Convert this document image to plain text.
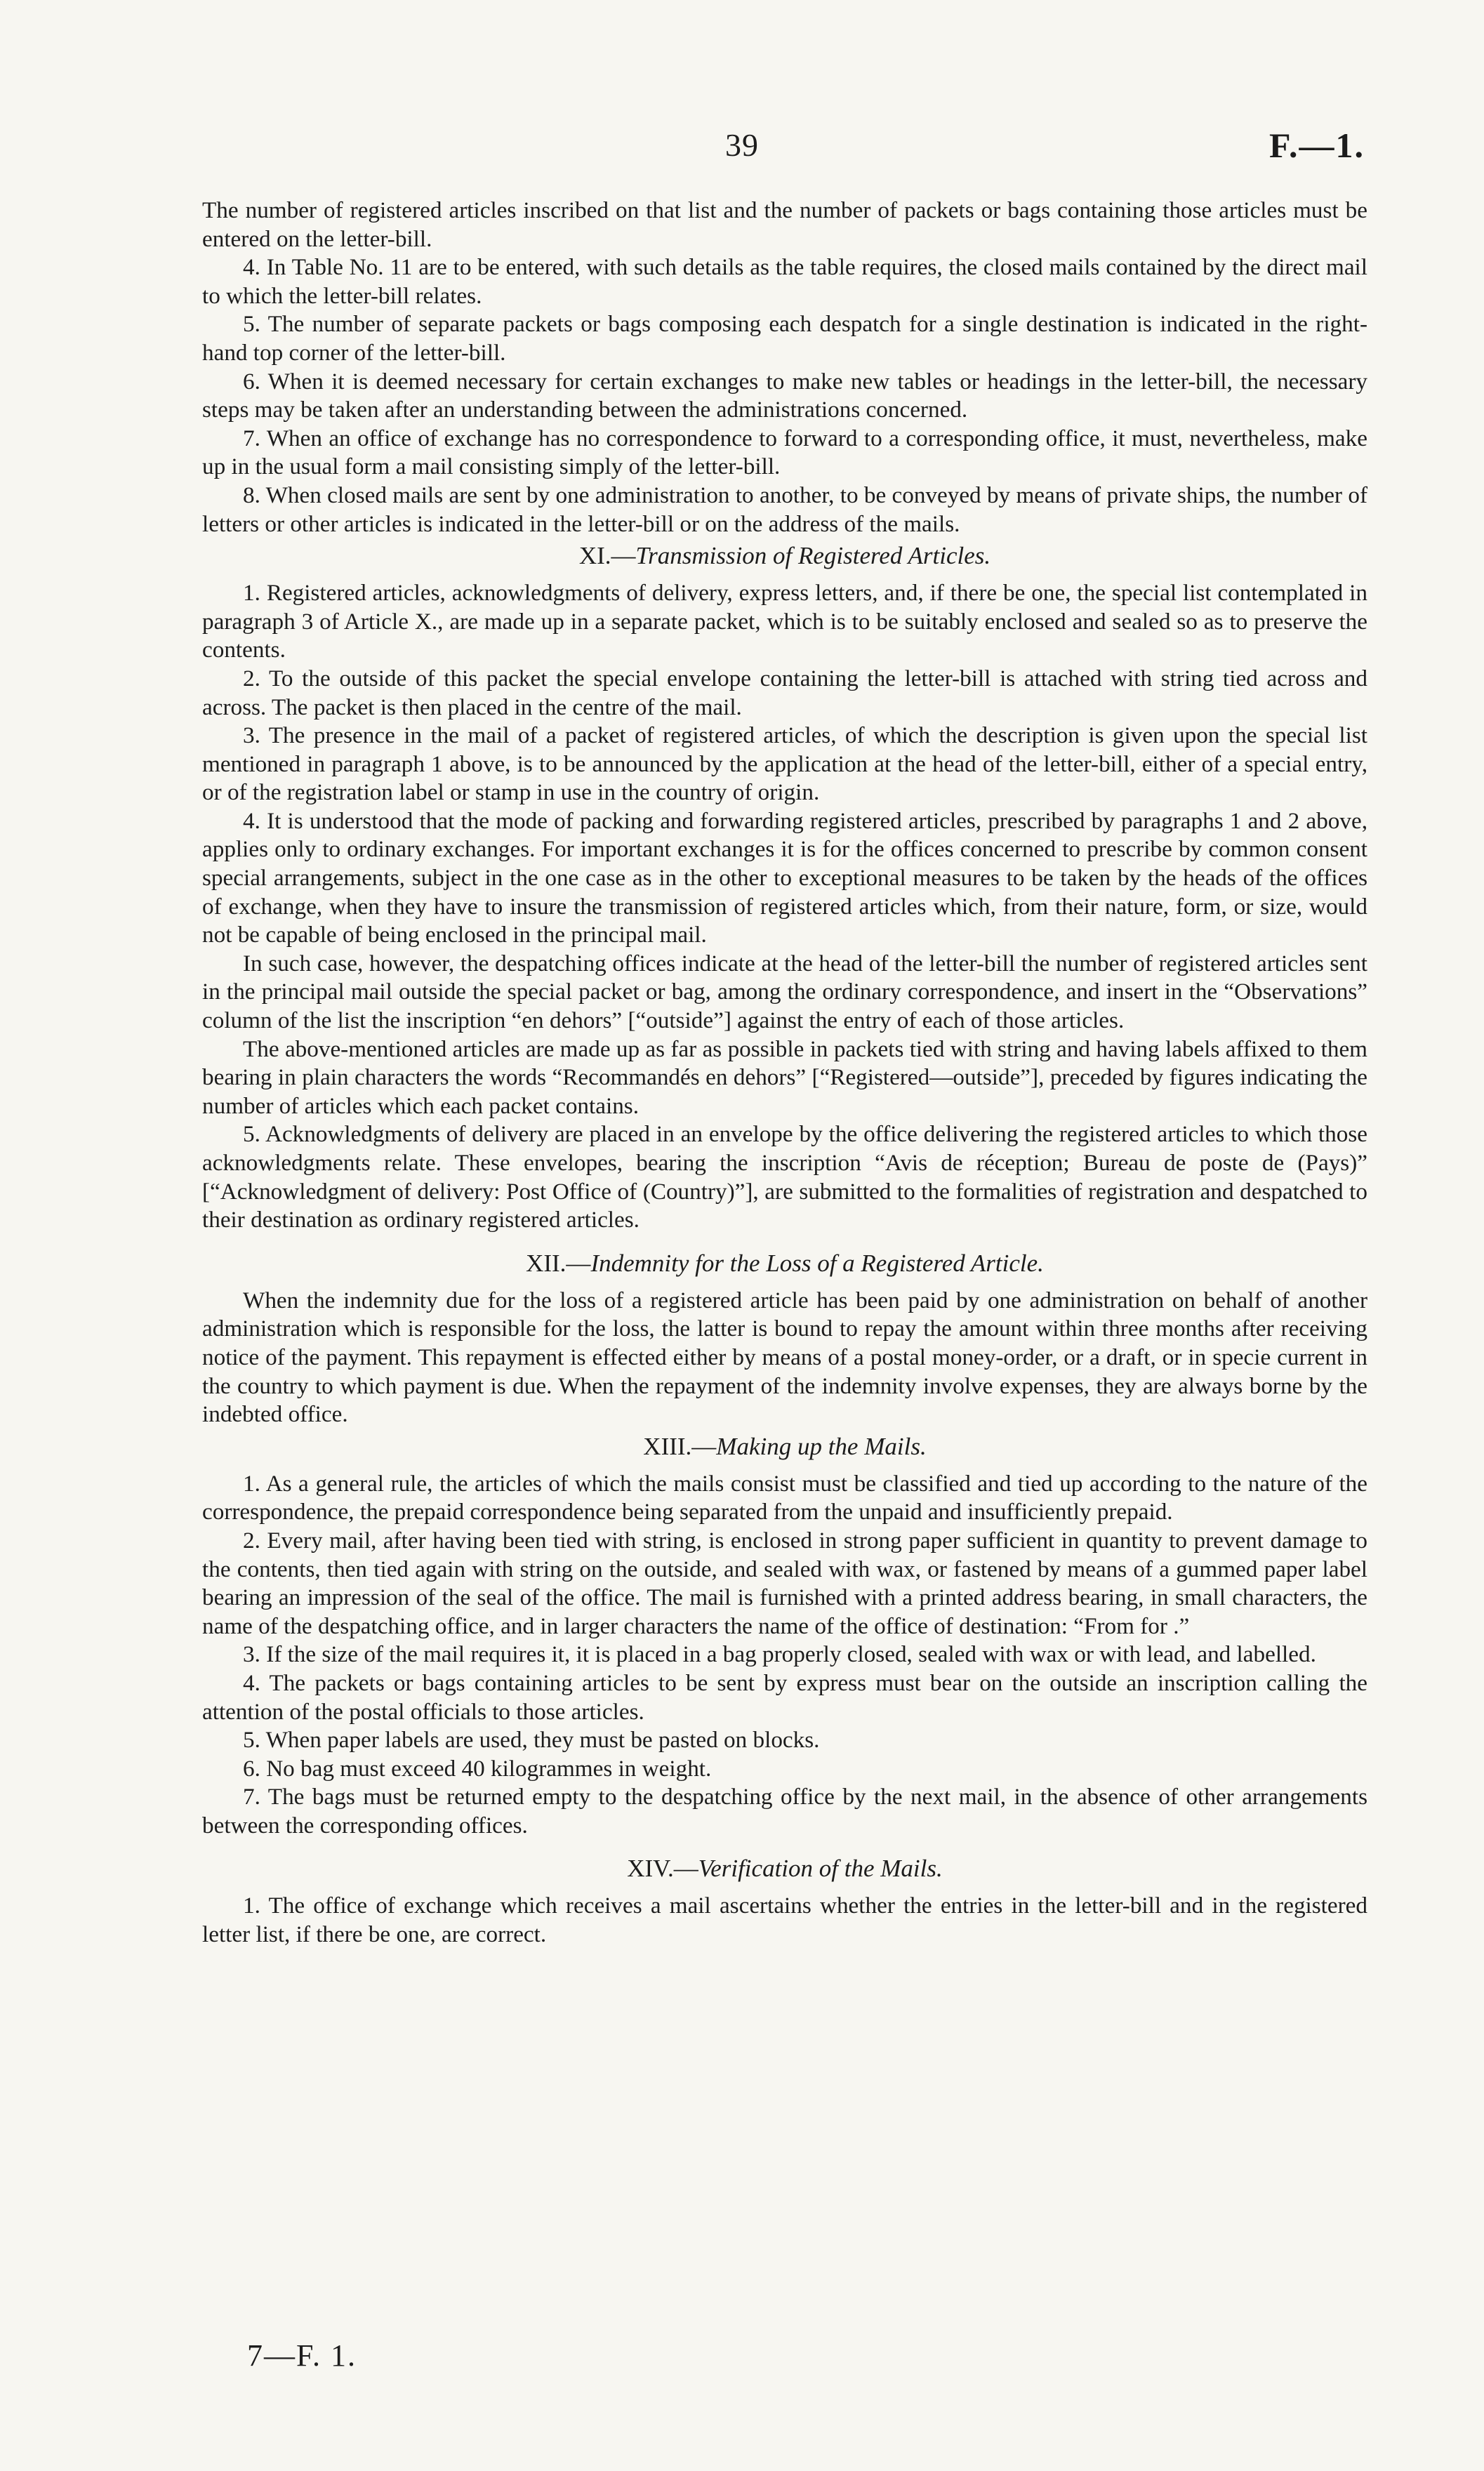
39	F.—1.

The number of registered articles inscribed on that list and the number of packets or bags containing those articles must be entered on the letter-bill.

4. In Table No. 11 are to be entered, with such details as the table requires, the closed mails contained by the direct mail to which the letter-bill relates.

5. The number of separate packets or bags composing each despatch for a single destination is indicated in the right-hand top corner of the letter-bill.

6. When it is deemed necessary for certain exchanges to make new tables or headings in the letter-bill, the necessary steps may be taken after an understanding between the administrations concerned.

7. When an office of exchange has no correspondence to forward to a corresponding office, it must, nevertheless, make up in the usual form a mail consisting simply of the letter-bill.

8. When closed mails are sent by one administration to another, to be conveyed by means of private ships, the number of letters or other articles is indicated in the letter-bill or on the address of the mails.

XI.—Transmission of Registered Articles.

1. Registered articles, acknowledgments of delivery, express letters, and, if there be one, the special list contemplated in paragraph 3 of Article X., are made up in a separate packet, which is to be suitably enclosed and sealed so as to preserve the contents.

2. To the outside of this packet the special envelope containing the letter-bill is attached with string tied across and across. The packet is then placed in the centre of the mail.

3. The presence in the mail of a packet of registered articles, of which the description is given upon the special list mentioned in paragraph 1 above, is to be announced by the application at the head of the letter-bill, either of a special entry, or of the registration label or stamp in use in the country of origin.

4. It is understood that the mode of packing and forwarding registered articles, prescribed by paragraphs 1 and 2 above, applies only to ordinary exchanges. For important exchanges it is for the offices concerned to prescribe by common consent special arrangements, subject in the one case as in the other to exceptional measures to be taken by the heads of the offices of exchange, when they have to insure the transmission of registered articles which, from their nature, form, or size, would not be capable of being enclosed in the principal mail.

In such case, however, the despatching offices indicate at the head of the letter-bill the number of registered articles sent in the principal mail outside the special packet or bag, among the ordinary correspondence, and insert in the “Observations” column of the list the inscription “en dehors” [“outside”] against the entry of each of those articles.

The above-mentioned articles are made up as far as possible in packets tied with string and having labels affixed to them bearing in plain characters the words “Recommandés en dehors” [“Registered—outside”], preceded by figures indicating the number of articles which each packet contains.

5. Acknowledgments of delivery are placed in an envelope by the office delivering the registered articles to which those acknowledgments relate. These envelopes, bearing the inscription “Avis de réception; Bureau de poste de (Pays)” [“Acknowledgment of delivery: Post Office of (Country)”], are submitted to the formalities of registration and despatched to their destination as ordinary registered articles.

XII.—Indemnity for the Loss of a Registered Article.

When the indemnity due for the loss of a registered article has been paid by one administration on behalf of another administration which is responsible for the loss, the latter is bound to repay the amount within three months after receiving notice of the payment. This repayment is effected either by means of a postal money-order, or a draft, or in specie current in the country to which payment is due. When the repayment of the indemnity involve expenses, they are always borne by the indebted office.

XIII.—Making up the Mails.

1. As a general rule, the articles of which the mails consist must be classified and tied up according to the nature of the correspondence, the prepaid correspondence being separated from the unpaid and insufficiently prepaid.

2. Every mail, after having been tied with string, is enclosed in strong paper sufficient in quantity to prevent damage to the contents, then tied again with string on the outside, and sealed with wax, or fastened by means of a gummed paper label bearing an impression of the seal of the office. The mail is furnished with a printed address bearing, in small characters, the name of the despatching office, and in larger characters the name of the office of destination: “From for .”

3. If the size of the mail requires it, it is placed in a bag properly closed, sealed with wax or with lead, and labelled.

4. The packets or bags containing articles to be sent by express must bear on the outside an inscription calling the attention of the postal officials to those articles.

5. When paper labels are used, they must be pasted on blocks.

6. No bag must exceed 40 kilogrammes in weight.

7. The bags must be returned empty to the despatching office by the next mail, in the absence of other arrangements between the corresponding offices.

XIV.—Verification of the Mails.

1. The office of exchange which receives a mail ascertains whether the entries in the letter-bill and in the registered letter list, if there be one, are correct.

7—F. 1.
